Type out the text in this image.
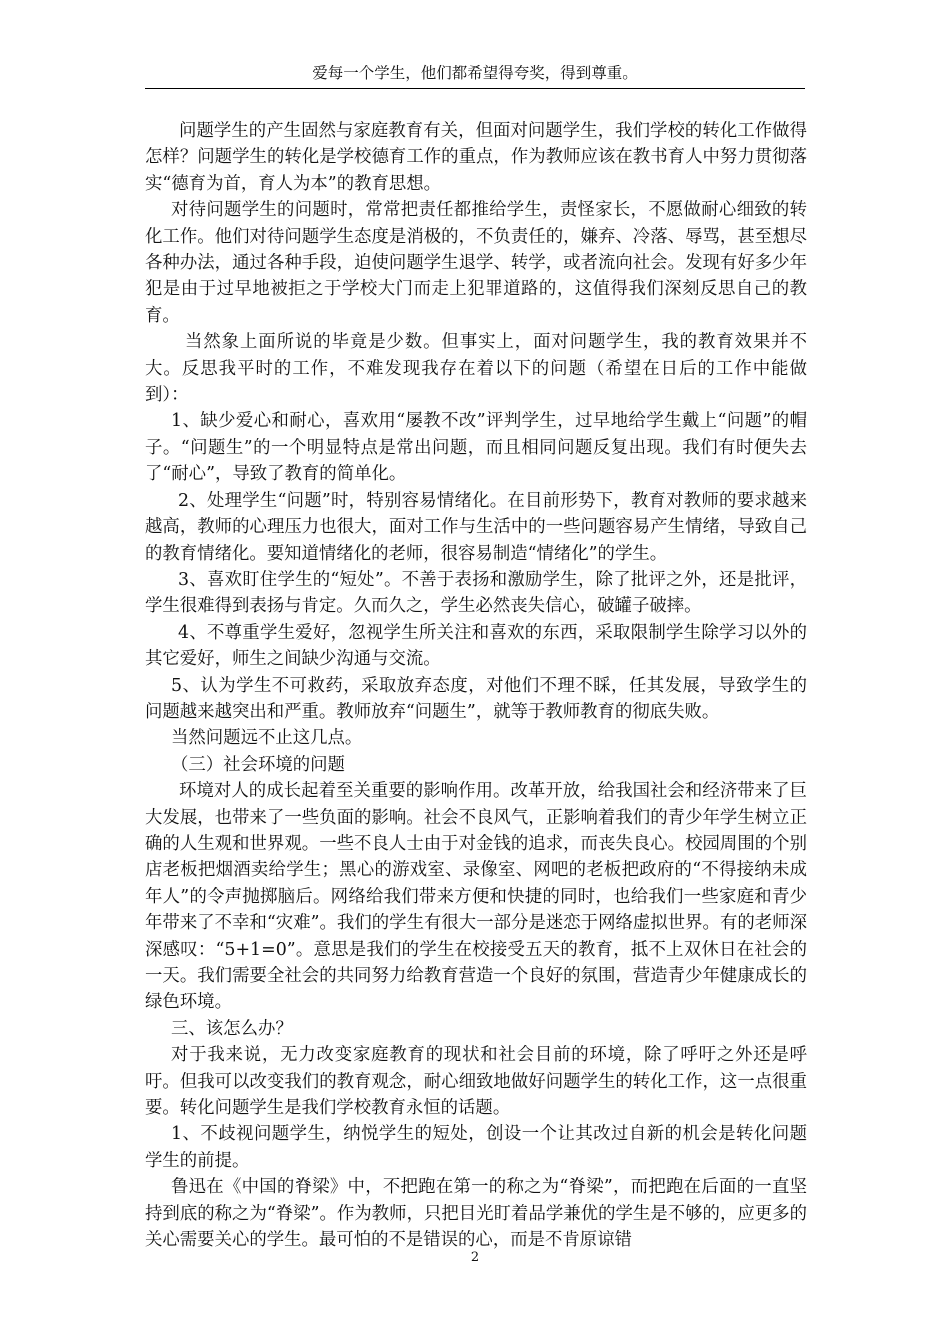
爱每一个学生，他们都希望得夸奖，得到尊重。

问题学生的产生固然与家庭教育有关，但面对问题学生，我们学校的转化工作做得怎样？问题学生的转化是学校德育工作的重点，作为教师应该在教书育人中努力贯彻落实“德育为首，育人为本”的教育思想。

对待问题学生的问题时，常常把责任都推给学生，责怪家长，不愿做耐心细致的转化工作。他们对待问题学生态度是消极的，不负责任的，嫌弃、冷落、辱骂，甚至想尽各种办法，通过各种手段，迫使问题学生退学、转学，或者流向社会。发现有好多少年犯是由于过早地被拒之于学校大门而走上犯罪道路的，这值得我们深刻反思自己的教育。

当然象上面所说的毕竟是少数。但事实上，面对问题学生，我的教育效果并不大。反思我平时的工作，不难发现我存在着以下的问题（希望在日后的工作中能做到）：

1、缺少爱心和耐心，喜欢用“屡教不改”评判学生，过早地给学生戴上“问题”的帽子。“问题生”的一个明显特点是常出问题，而且相同问题反复出现。我们有时便失去了“耐心”，导致了教育的简单化。

2、处理学生“问题”时，特别容易情绪化。在目前形势下，教育对教师的要求越来越高，教师的心理压力也很大，面对工作与生活中的一些问题容易产生情绪，导致自己的教育情绪化。要知道情绪化的老师，很容易制造“情绪化”的学生。

3、喜欢盯住学生的“短处”。不善于表扬和激励学生，除了批评之外，还是批评，学生很难得到表扬与肯定。久而久之，学生必然丧失信心，破罐子破摔。

4、不尊重学生爱好，忽视学生所关注和喜欢的东西，采取限制学生除学习以外的其它爱好，师生之间缺少沟通与交流。

5、认为学生不可救药，采取放弃态度，对他们不理不睬，任其发展，导致学生的问题越来越突出和严重。教师放弃“问题生”，就等于教师教育的彻底失败。

当然问题远不止这几点。

（三）社会环境的问题

环境对人的成长起着至关重要的影响作用。改革开放，给我国社会和经济带来了巨大发展，也带来了一些负面的影响。社会不良风气，正影响着我们的青少年学生树立正确的人生观和世界观。一些不良人士由于对金钱的追求，而丧失良心。校园周围的个别店老板把烟酒卖给学生；黑心的游戏室、录像室、网吧的老板把政府的“不得接纳未成年人”的令声抛掷脑后。网络给我们带来方便和快捷的同时，也给我们一些家庭和青少年带来了不幸和“灾难”。我们的学生有很大一部分是迷恋于网络虚拟世界。有的老师深深感叹：“5+1=0”。意思是我们的学生在校接受五天的教育，抵不上双休日在社会的一天。我们需要全社会的共同努力给教育营造一个良好的氛围，营造青少年健康成长的绿色环境。

三、该怎么办？

对于我来说，无力改变家庭教育的现状和社会目前的环境，除了呼吁之外还是呼吁。但我可以改变我们的教育观念，耐心细致地做好问题学生的转化工作，这一点很重要。转化问题学生是我们学校教育永恒的话题。

1、不歧视问题学生，纳悦学生的短处，创设一个让其改过自新的机会是转化问题学生的前提。

鲁迅在《中国的脊梁》中，不把跑在第一的称之为“脊梁”，而把跑在后面的一直坚持到底的称之为“脊梁”。作为教师，只把目光盯着品学兼优的学生是不够的，应更多的关心需要关心的学生。最可怕的不是错误的心，而是不肯原谅错

2
